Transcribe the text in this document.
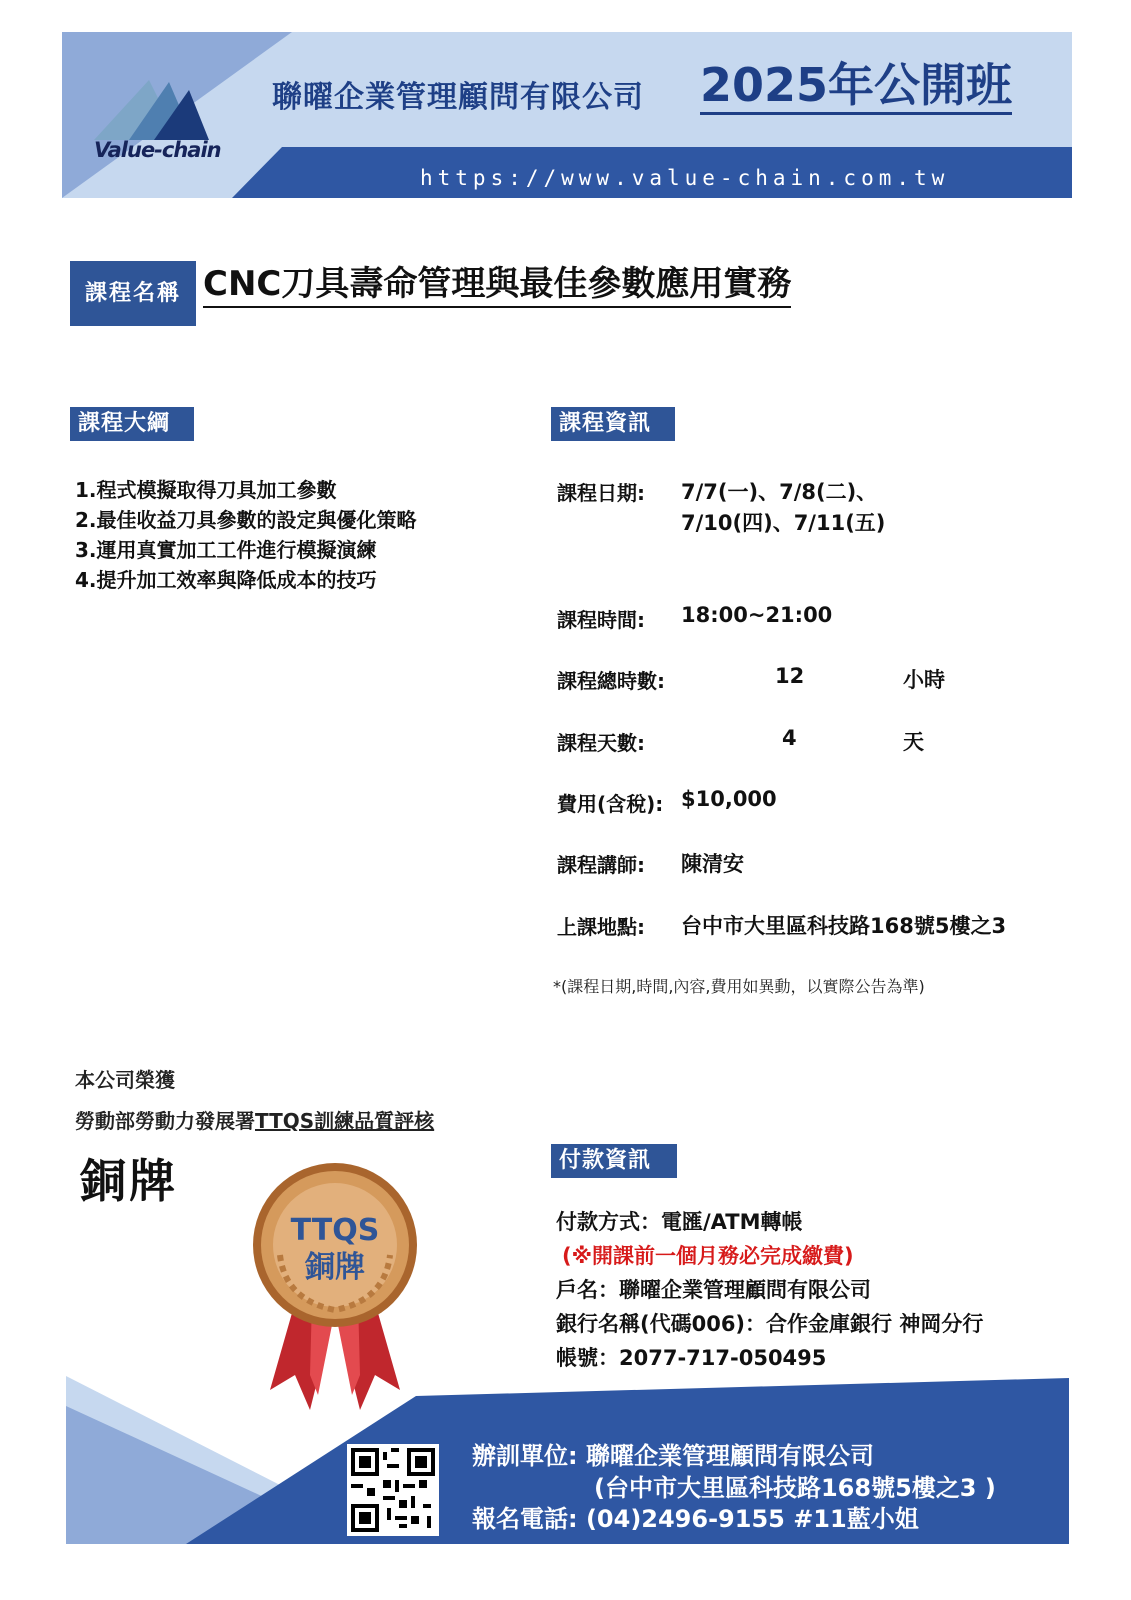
Value-chain
聯曜企業管理顧問有限公司 2025年公開班
https://www.value-chain.com.tw
課程名稱 CNC刀具壽命管理與最佳參數應用實務
課程大綱
1.程式模擬取得刀具加工參數
2.最佳收益刀具參數的設定與優化策略
3.運用真實加工工件進行模擬演練
4.提升加工效率與降低成本的技巧
課程資訊
課程日期: 7/7(一)、7/8(二)、
7/10(四)、7/11(五)
課程時間: 18:00~21:00
課程總時數:	12	小時
課程天數:	4	天
費用(含稅): $10,000
課程講師: 陳清安
上課地點: 台中市大里區科技路168號5樓之3
*(課程日期,時間,內容,費用如異動，以實際公告為準)
本公司榮獲
勞動部勞動力發展署TTQS訓練品質評核
銅牌
TTQS
銅牌
付款資訊
付款方式：電匯/ATM轉帳
(※開課前一個月務必完成繳費)
戶名：聯曜企業管理顧問有限公司
銀行名稱(代碼006)：合作金庫銀行 神岡分行
帳號：2077-717-050495
辦訓單位: 聯曜企業管理顧問有限公司
(台中市大里區科技路168號5樓之3 )
報名電話: (04)2496-9155 #11藍小姐
